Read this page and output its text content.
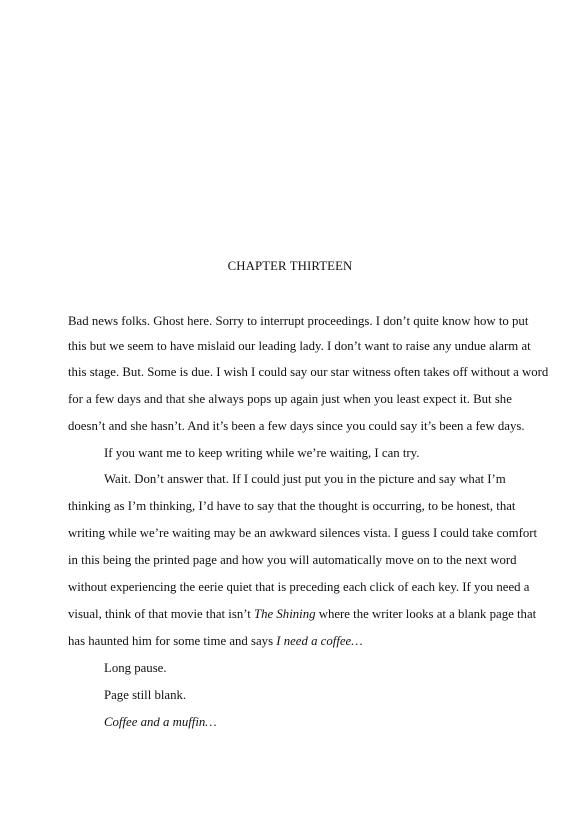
CHAPTER THIRTEEN
Bad news folks. Ghost here. Sorry to interrupt proceedings. I don’t quite know how to put
this but we seem to have mislaid our leading lady. I don’t want to raise any undue alarm at
this stage. But. Some is due. I wish I could say our star witness often takes off without a word
for a few days and that she always pops up again just when you least expect it. But she
doesn’t and she hasn’t. And it’s been a few days since you could say it’s been a few days.
If you want me to keep writing while we’re waiting, I can try.
Wait. Don’t answer that. If I could just put you in the picture and say what I’m
thinking as I’m thinking, I’d have to say that the thought is occurring, to be honest, that
writing while we’re waiting may be an awkward silences vista. I guess I could take comfort
in this being the printed page and how you will automatically move on to the next word
without experiencing the eerie quiet that is preceding each click of each key. If you need a
visual, think of that movie that isn’t The Shining where the writer looks at a blank page that
has haunted him for some time and says I need a coffee…
Long pause.
Page still blank.
Coffee and a muffin…
